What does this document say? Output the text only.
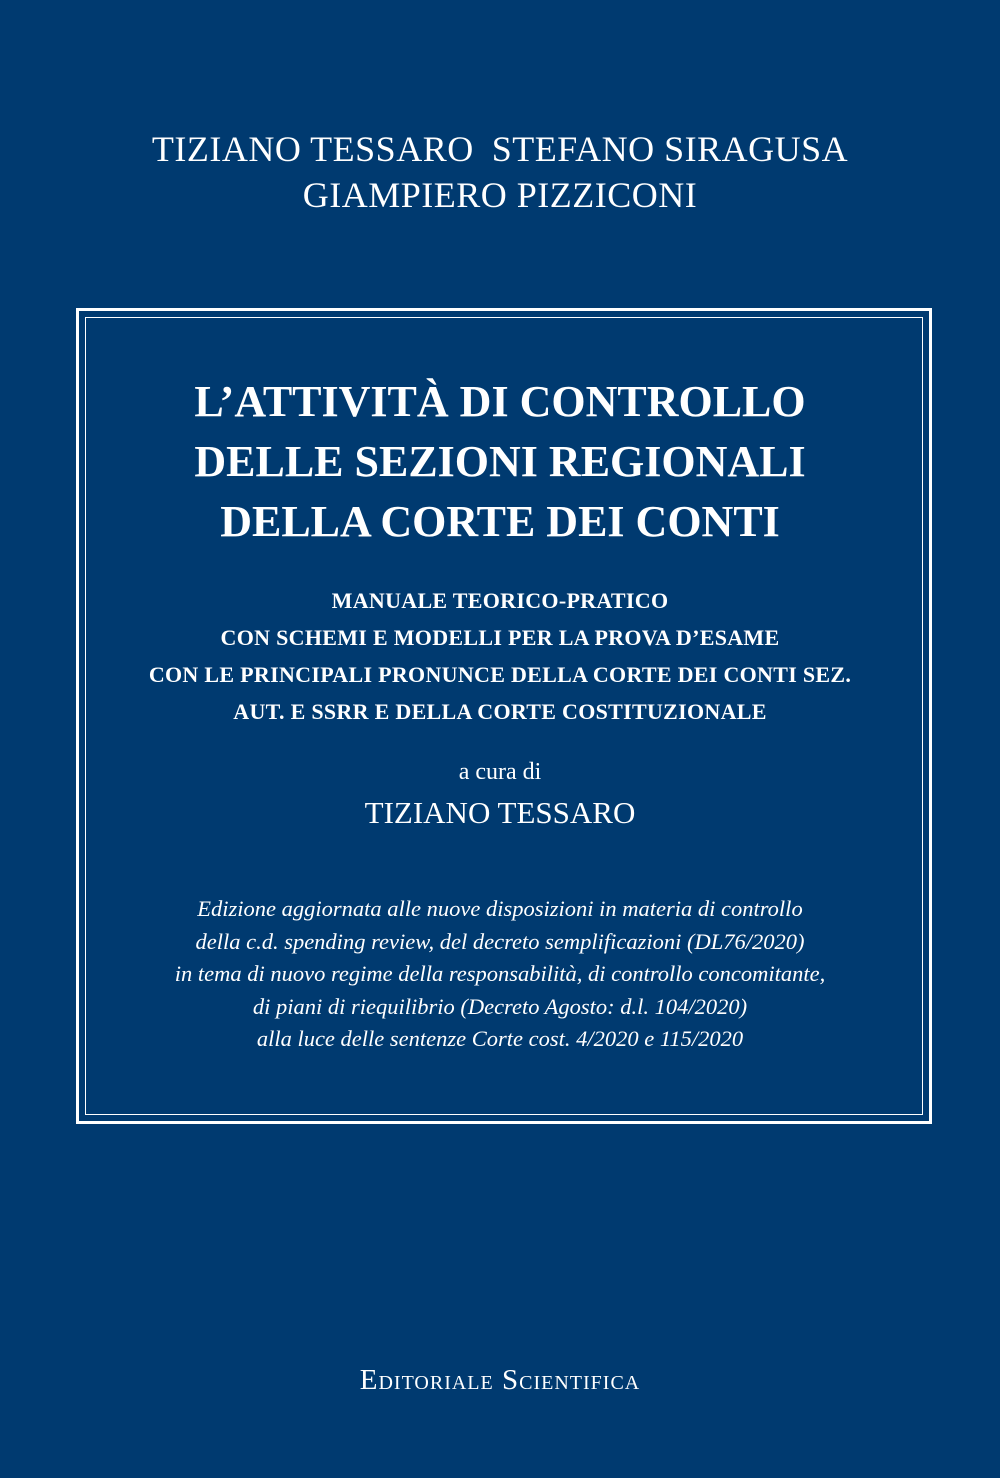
TIZIANO TESSARO STEFANO SIRAGUSA
GIAMPIERO PIZZICONI
L’ATTIVITÀ DI CONTROLLO
DELLE SEZIONI REGIONALI
DELLA CORTE DEI CONTI
MANUALE TEORICO-PRATICO
CON SCHEMI E MODELLI PER LA PROVA D’ESAME
CON LE PRINCIPALI PRONUNCE DELLA CORTE DEI CONTI SEZ.
AUT. E SSRR E DELLA CORTE COSTITUZIONALE
a cura di
TIZIANO TESSARO
Edizione aggiornata alle nuove disposizioni in materia di controllo
della c.d. spending review, del decreto semplificazioni (DL76/2020)
in tema di nuovo regime della responsabilità, di controllo concomitante,
di piani di riequilibrio (Decreto Agosto: d.l. 104/2020)
alla luce delle sentenze Corte cost. 4/2020 e 115/2020
Editoriale Scientifica
